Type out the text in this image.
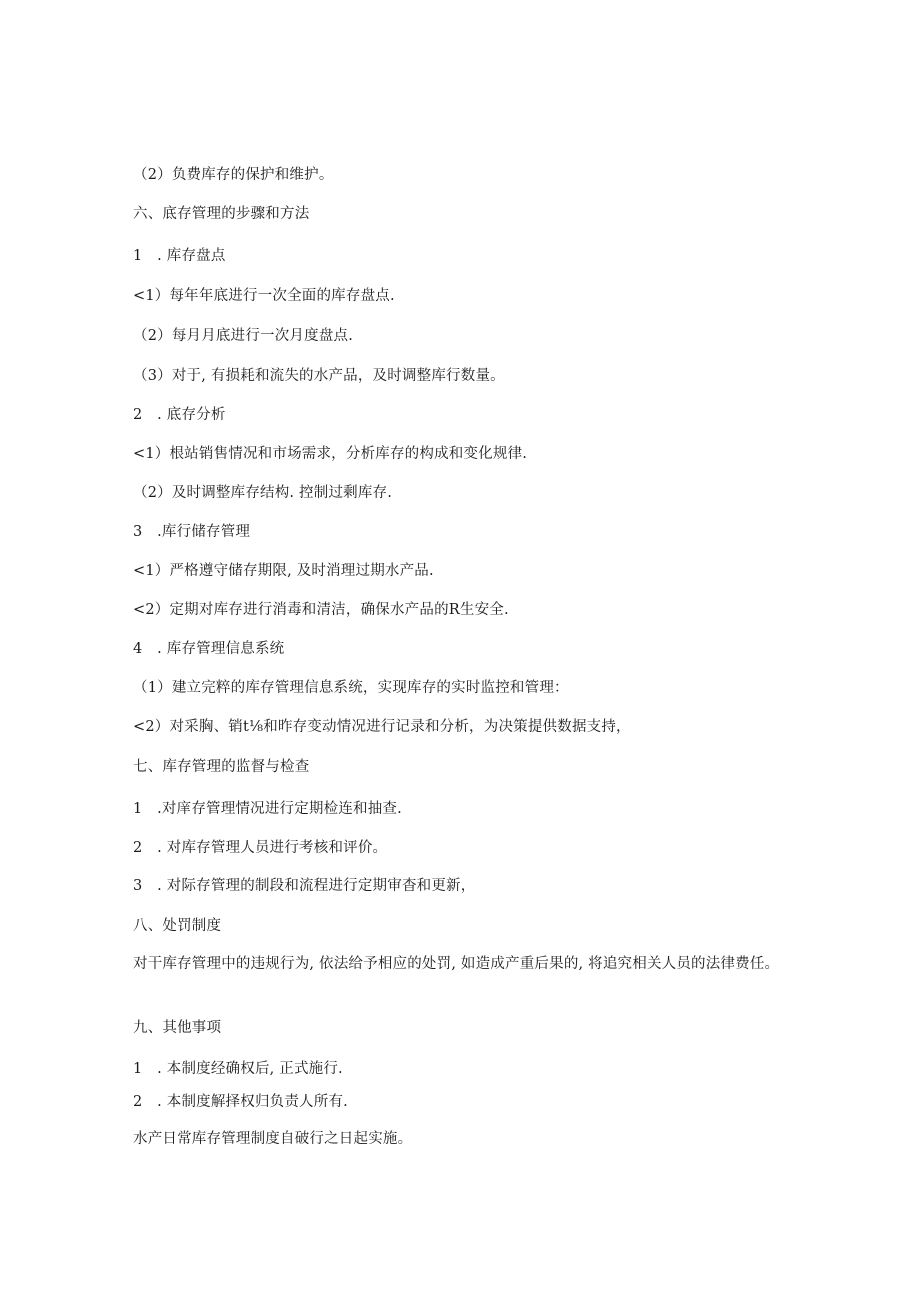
（2）负费库存的保护和维护。
六、底存管理的步骤和方法
1　. 库存盘点
<1）每年年底进行一次全面的库存盘点.
（2）每月月底进行一次月度盘点.
（3）对于, 有损耗和流失的水产品，及时调整库行数量。
2　. 底存分析
<1）根站销售情况和市场需求，分析库存的构成和变化规律.
（2）及时调整库存结构. 控制过剩库存.
3　.库行储存管理
<1）严格遵守储存期限, 及时消理过期水产品.
<2）定期对库存进行消毒和清洁，确保水产品的R生安全.
4　. 库存管理信息系统
（1）建立完粹的库存管理信息系统，实现库存的实时监控和管理：
<2）对采胸、销t⅛和昨存变动情况进行记录和分析，为决策提供数据支持，
七、库存管理的监督与检查
1　.对庠存管理情况进行定期检连和抽查.
2　. 对库存管理人员进行考核和评价。
3　. 对际存管理的制段和流程进行定期审杳和更新，
八、处罚制度
对干库存管理中的违规行为, 依法给予相应的处罚, 如造成产重后果的, 将追究相关人员的法律费任。
九、其他事项
1　. 本制度经确权后, 正式施行.
2　. 本制度解择权归负责人所有.
水产日常库存管理制度自破行之日起实施。
